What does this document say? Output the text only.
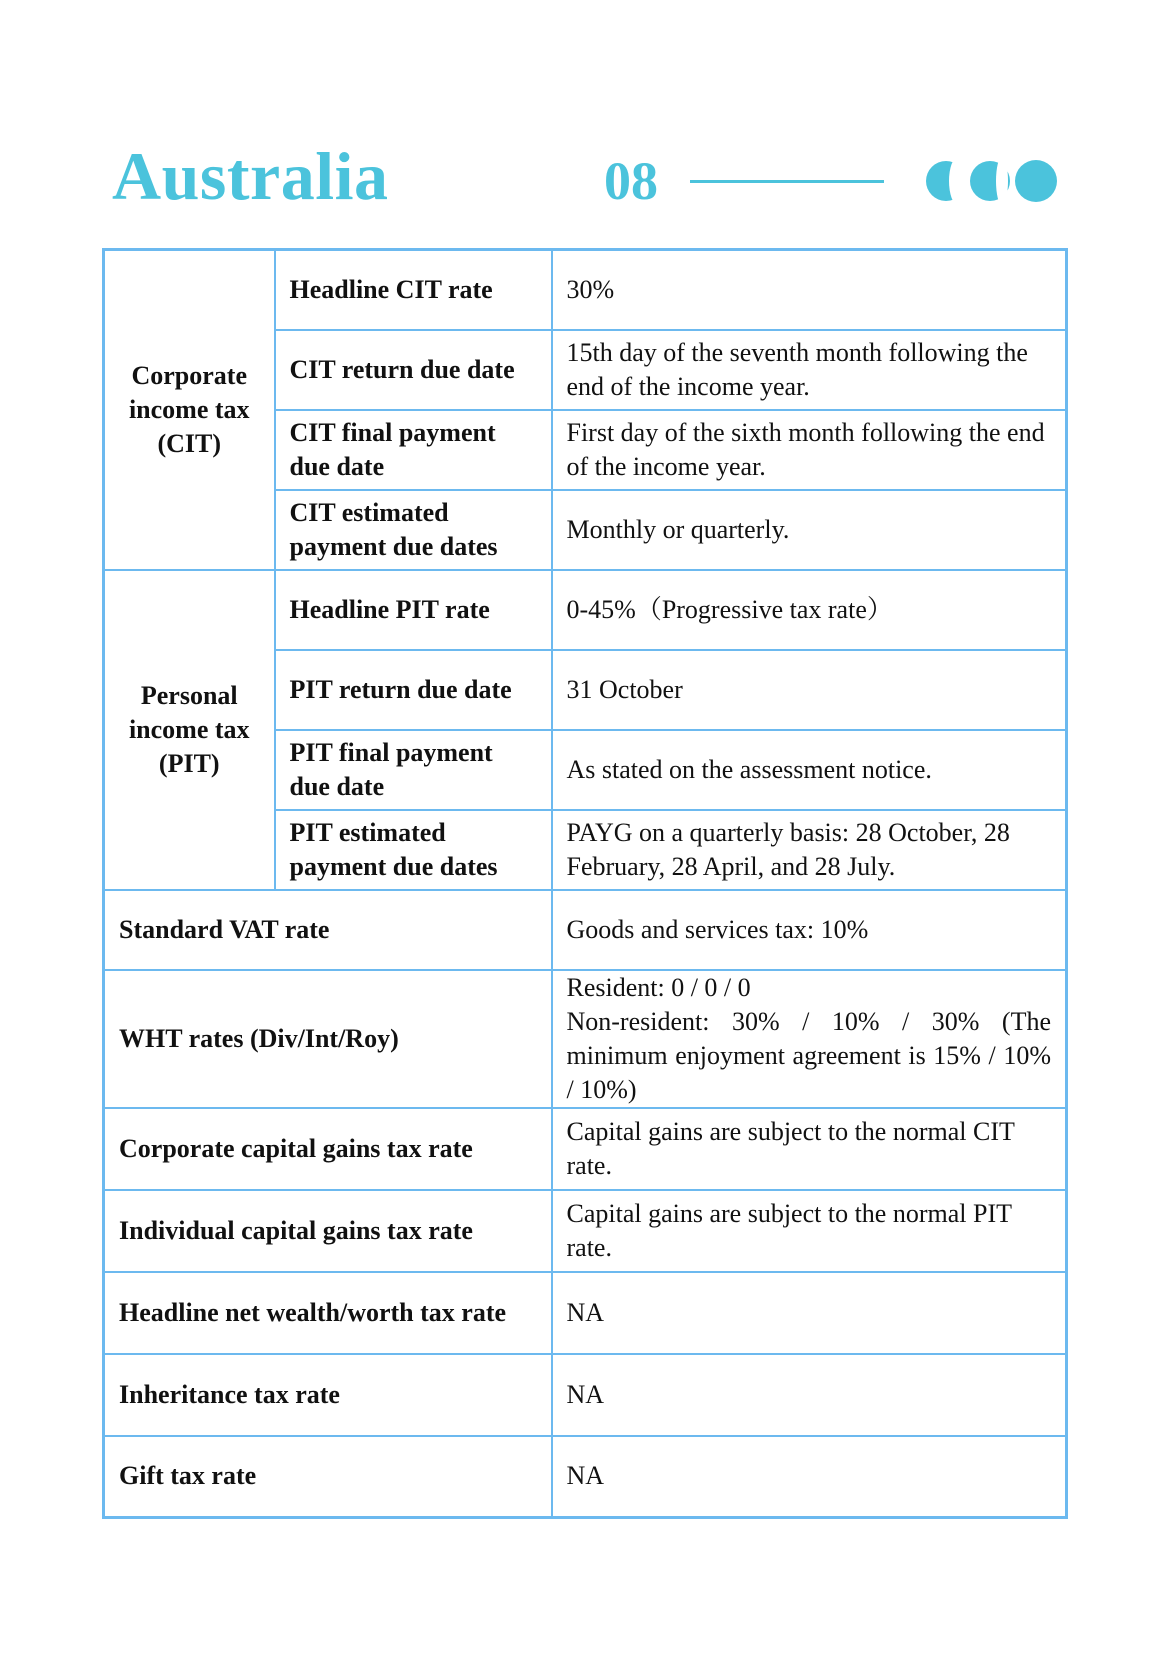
Australia	08
Corporate income tax (CIT)	Headline CIT rate	30%
	CIT return due date	15th day of the seventh month following the end of the income year.
	CIT final payment due date	First day of the sixth month following the end of the income year.
	CIT estimated payment due dates	Monthly or quarterly.
Personal income tax (PIT)	Headline PIT rate	0-45%（Progressive tax rate）
	PIT return due date	31 October
	PIT final payment due date	As stated on the assessment notice.
	PIT estimated payment due dates	PAYG on a quarterly basis: 28 October, 28 February, 28 April, and 28 July.
Standard VAT rate		Goods and services tax: 10%
WHT rates (Div/Int/Roy)		Resident: 0 / 0 / 0
Non-resident: 30% / 10% / 30% (The minimum enjoyment agreement is 15% / 10% / 10%)

Corporate capital gains tax rate		Capital gains are subject to the normal CIT rate.
Individual capital gains tax rate		Capital gains are subject to the normal PIT rate.
Headline net wealth/worth tax rate		NA
Inheritance tax rate		NA
Gift tax rate		NA
